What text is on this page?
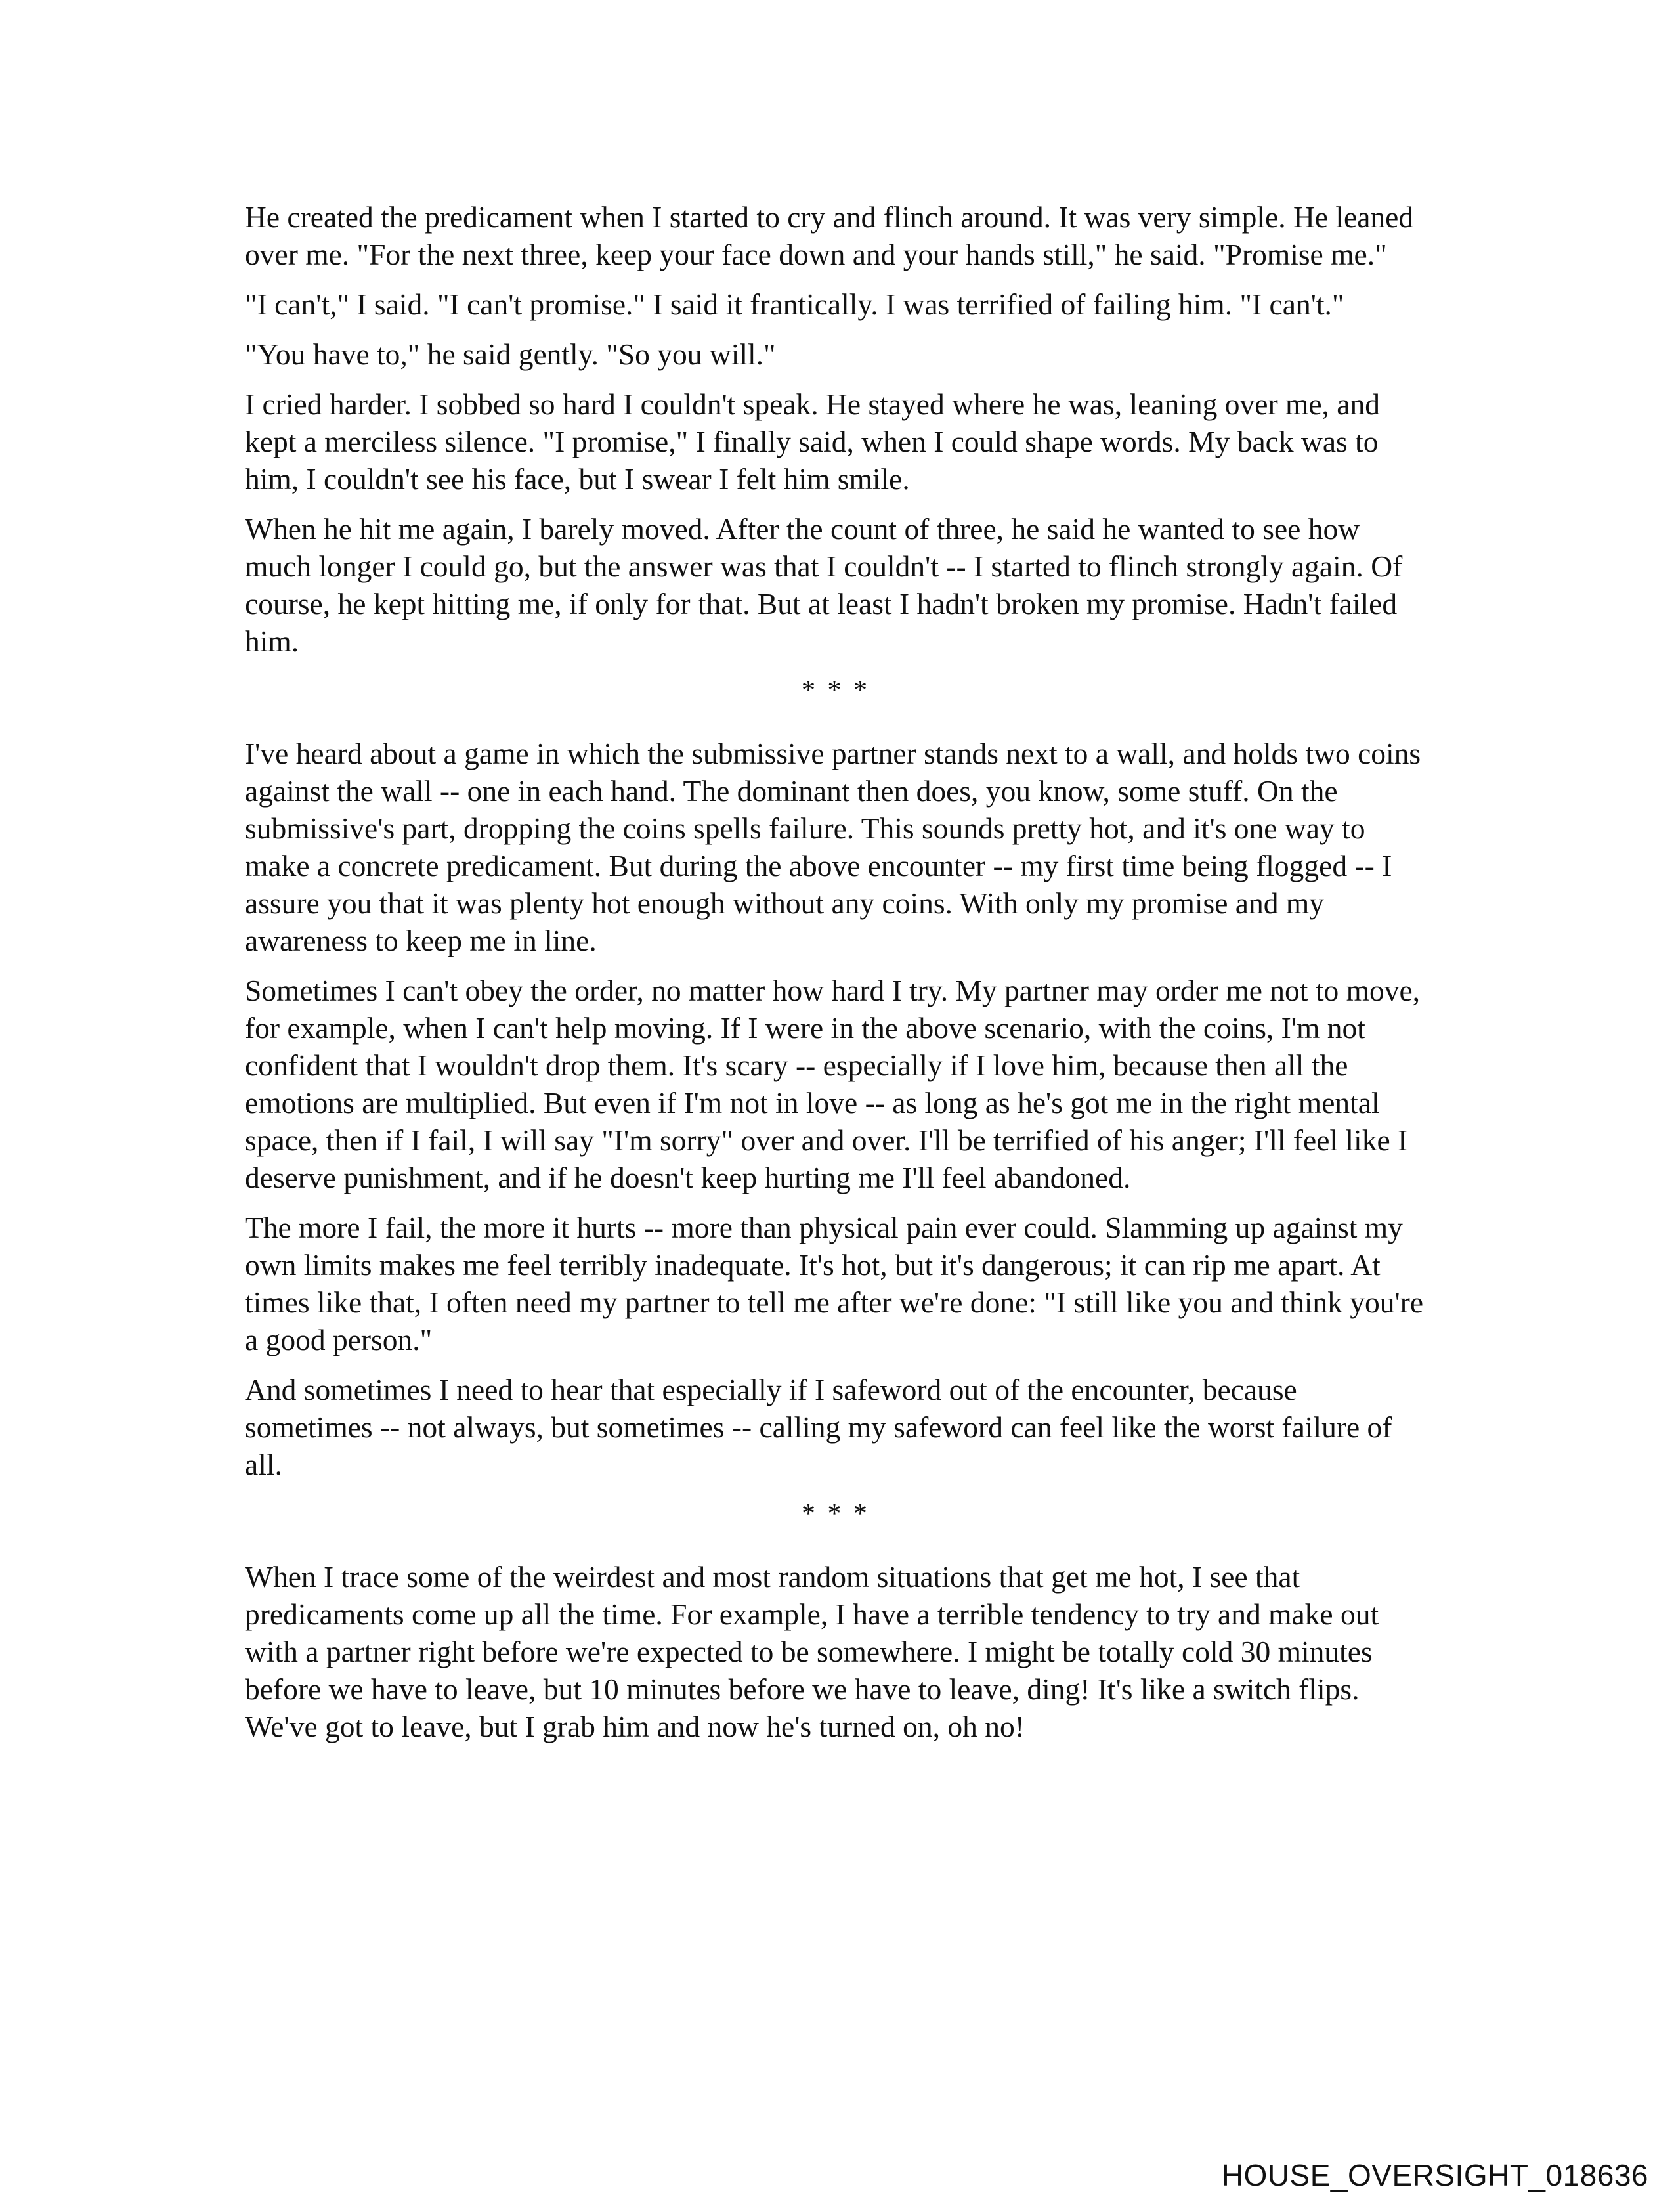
He created the predicament when I started to cry and flinch around. It was very simple. He leaned over me. "For the next three, keep your face down and your hands still," he said. "Promise me."

"I can't," I said. "I can't promise." I said it frantically. I was terrified of failing him. "I can't."

"You have to," he said gently. "So you will."

I cried harder. I sobbed so hard I couldn't speak. He stayed where he was, leaning over me, and kept a merciless silence. "I promise," I finally said, when I could shape words. My back was to him, I couldn't see his face, but I swear I felt him smile.

When he hit me again, I barely moved. After the count of three, he said he wanted to see how much longer I could go, but the answer was that I couldn't -- I started to flinch strongly again. Of course, he kept hitting me, if only for that. But at least I hadn't broken my promise. Hadn't failed him.

* * *

I've heard about a game in which the submissive partner stands next to a wall, and holds two coins against the wall -- one in each hand. The dominant then does, you know, some stuff. On the submissive's part, dropping the coins spells failure. This sounds pretty hot, and it's one way to make a concrete predicament. But during the above encounter -- my first time being flogged -- I assure you that it was plenty hot enough without any coins. With only my promise and my awareness to keep me in line.

Sometimes I can't obey the order, no matter how hard I try. My partner may order me not to move, for example, when I can't help moving. If I were in the above scenario, with the coins, I'm not confident that I wouldn't drop them. It's scary -- especially if I love him, because then all the emotions are multiplied. But even if I'm not in love -- as long as he's got me in the right mental space, then if I fail, I will say "I'm sorry" over and over. I'll be terrified of his anger; I'll feel like I deserve punishment, and if he doesn't keep hurting me I'll feel abandoned.

The more I fail, the more it hurts -- more than physical pain ever could. Slamming up against my own limits makes me feel terribly inadequate. It's hot, but it's dangerous; it can rip me apart. At times like that, I often need my partner to tell me after we're done: "I still like you and think you're a good person."

And sometimes I need to hear that especially if I safeword out of the encounter, because sometimes -- not always, but sometimes -- calling my safeword can feel like the worst failure of all.

* * *

When I trace some of the weirdest and most random situations that get me hot, I see that predicaments come up all the time. For example, I have a terrible tendency to try and make out with a partner right before we're expected to be somewhere. I might be totally cold 30 minutes before we have to leave, but 10 minutes before we have to leave, ding! It's like a switch flips. We've got to leave, but I grab him and now he's turned on, oh no!

HOUSE_OVERSIGHT_018636
